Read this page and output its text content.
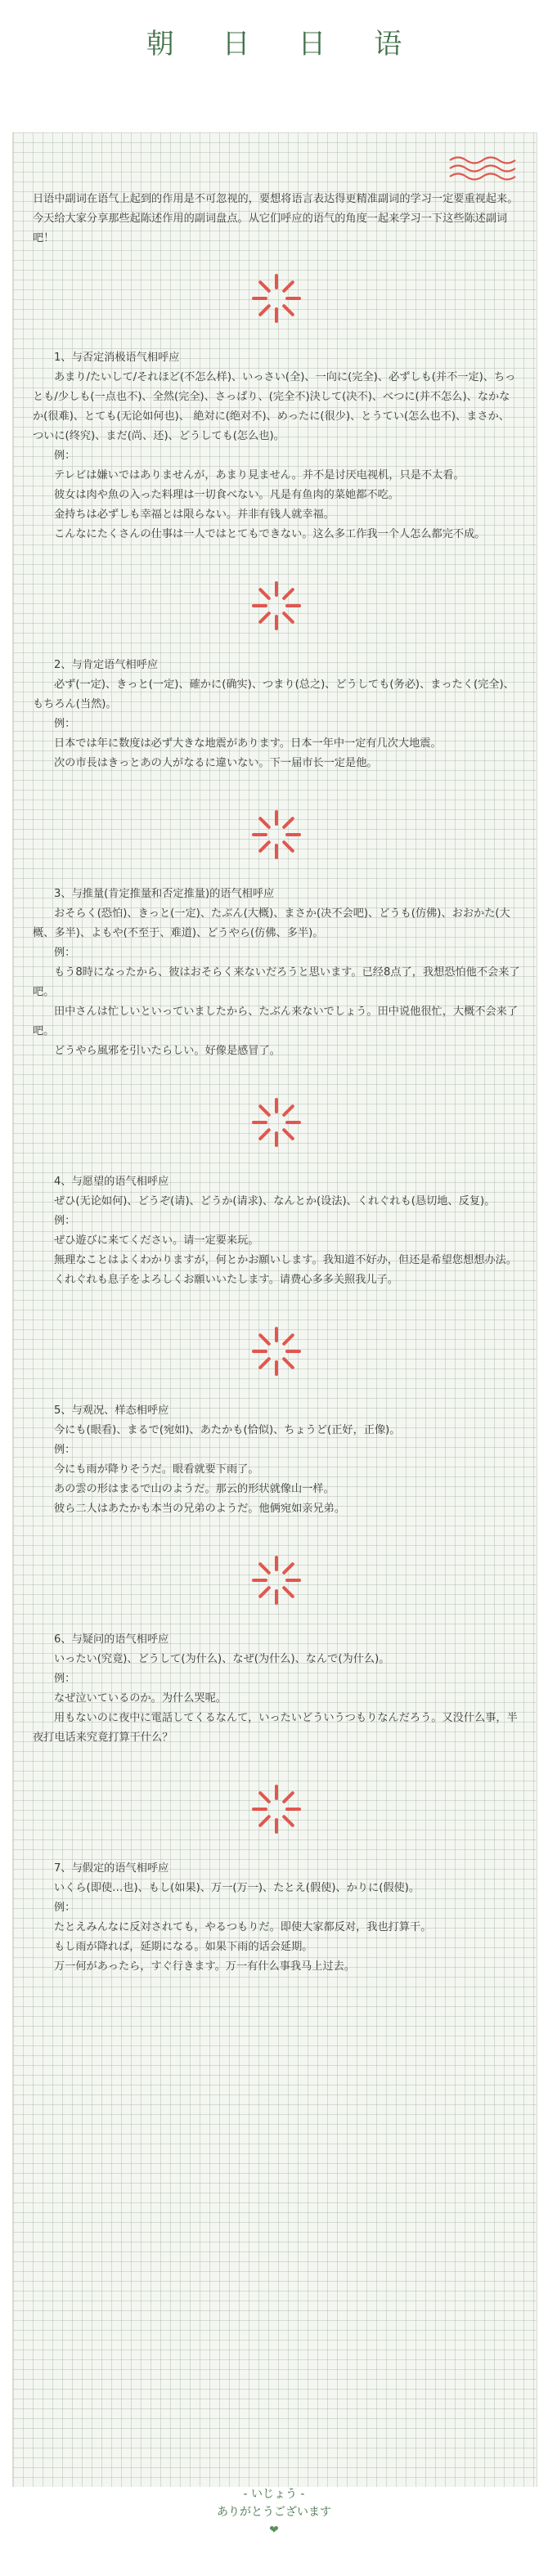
朝 日 日 语

日语中副词在语气上起到的作用是不可忽视的，要想将语言表达得更精准副词的学习一定要重视起来。今天给大家分享那些起陈述作用的副词盘点。从它们呼应的语气的角度一起来学习一下这些陈述副词吧！

1、与否定消极语气相呼应

あまり/たいして/それほど(不怎么样)、いっさい(全)、一向に(完全)、必ずしも(并不一定)、ちっとも/少しも(一点也不)、全然(完全)、さっぱり、(完全不)決して(决不)、べつに(并不怎么)、なかなか(很难)、とても(无论如何也)、 絶対に(绝对不)、めったに(很少)、とうてい(怎么也不)、まさか、ついに(终究)、まだ(尚、还)、どうしても(怎么也)。

例：

テレビは嫌いではありませんが，あまり見ません。并不是讨厌电视机，只是不太看。

彼女は肉や魚の入った料理は一切食べない。凡是有鱼肉的菜她都不吃。

金持ちは必ずしも幸福とは限らない。并非有钱人就幸福。

こんなにたくさんの仕事は一人ではとてもできない。这么多工作我一个人怎么都完不成。

2、与肯定语气相呼应

必ず(一定)、きっと(一定)、確かに(确实)、つまり(总之)、どうしても(务必)、まったく(完全)、もちろん(当然)。

例：

日本では年に数度は必ず大きな地震があります。日本一年中一定有几次大地震。

次の市長はきっとあの人がなるに違いない。下一届市长一定是他。

3、与推量(肯定推量和否定推量)的语气相呼应

おそらく(恐怕)、きっと(一定)、たぶん(大概)、まさか(决不会吧)、どうも(仿佛)、おおかた(大概、多半)、よもや(不至于、难道)、どうやら(仿佛、多半)。

例：

もう8時になったから、彼はおそらく来ないだろうと思います。已经8点了，我想恐怕他不会来了吧。

田中さんは忙しいといっていましたから、たぶん来ないでしょう。田中说他很忙，大概不会来了吧。

どうやら風邪を引いたらしい。好像是感冒了。

4、与愿望的语气相呼应

ぜひ(无论如何)、どうぞ(请)、どうか(请求)、なんとか(设法)、くれぐれも(恳切地、反复)。

例：

ぜひ遊びに来てください。请一定要来玩。

無理なことはよくわかりますが，何とかお願いします。我知道不好办，但还是希望您想想办法。

くれぐれも息子をよろしくお願いいたします。请费心多多关照我儿子。

5、与观况、样态相呼应

今にも(眼看)、まるで(宛如)、あたかも(恰似)、ちょうど(正好，正像)。

例：

今にも雨が降りそうだ。眼看就要下雨了。

あの雲の形はまるで山のようだ。那云的形状就像山一样。

彼ら二人はあたかも本当の兄弟のようだ。他俩宛如亲兄弟。

6、与疑问的语气相呼应

いったい(究竟)、どうして(为什么)、なぜ(为什么)、なんで(为什么)。

例：

なぜ泣いているのか。为什么哭呢。

用もないのに夜中に電話してくるなんて，いったいどういうつもりなんだろう。又没什么事，半夜打电话来究竟打算干什么？

7、与假定的语气相呼应

いくら(即使…也)、もし(如果)、万一(万一)、たとえ(假使)、かりに(假使)。

例：

たとえみんなに反対されても，やるつもりだ。即使大家都反对，我也打算干。

もし雨が降れば，延期になる。如果下雨的话会延期。

万一何があったら，すぐ行きます。万一有什么事我马上过去。

- いじょう -
ありがとうございます
❤
